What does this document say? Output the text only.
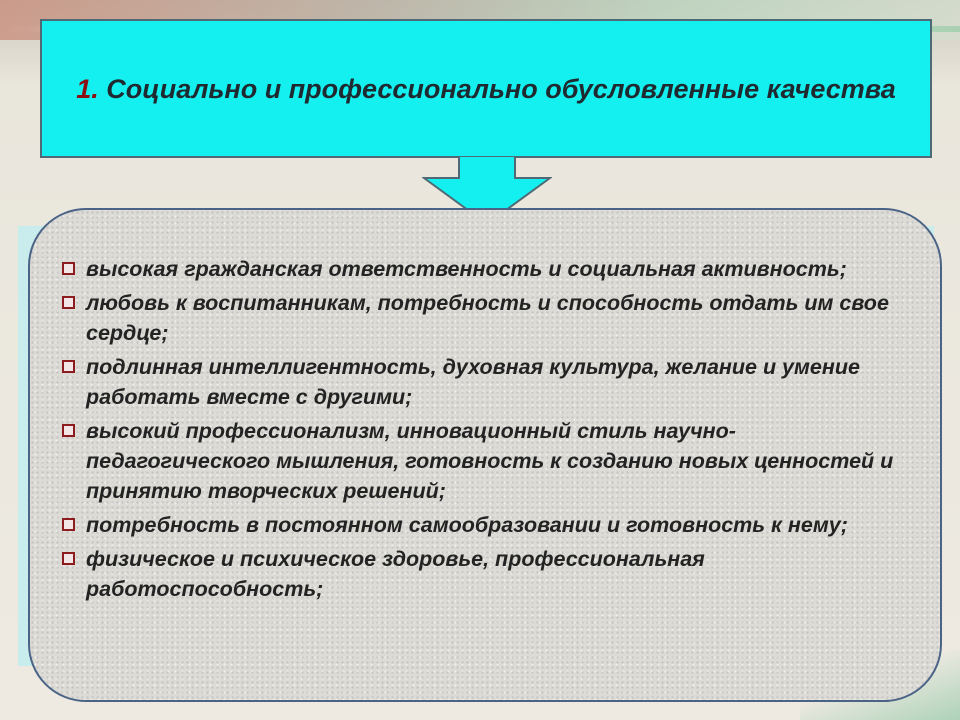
1. Социально и профессионально обусловленные качества
высокая гражданская ответственность и социальная активность;
любовь к воспитанникам, потребность и способность отдать им свое сердце;
подлинная интеллигентность, духовная культура, желание и умение работать вместе с другими;
высокий профессионализм, инновационный стиль научно-педагогического мышления, готовность к созданию новых ценностей и принятию творческих решений;
потребность в постоянном самообразовании и готовность к нему;
физическое и психическое здоровье, профессиональная работоспособность;
